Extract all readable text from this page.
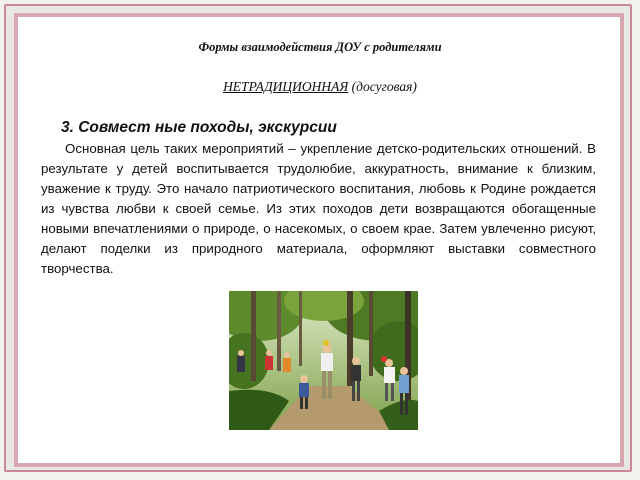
Формы взаимодействия ДОУ с родителями
НЕТРАДИЦИОННАЯ (досуговая)
3. Совмест ные походы, экскурсии

Основная цель таких мероприятий – укрепление детско-родительских отношений. В результате у детей воспитывается трудолюбие, аккуратность, внимание к близким, уважение к труду. Это начало патриотического воспитания, любовь к Родине рождается из чувства любви к своей семье. Из этих походов дети возвращаются обогащенные новыми впечатлениями о природе, о насекомых, о своем крае. Затем увлеченно рисуют, делают поделки из природного материала, оформляют выставки совместного творчества.
